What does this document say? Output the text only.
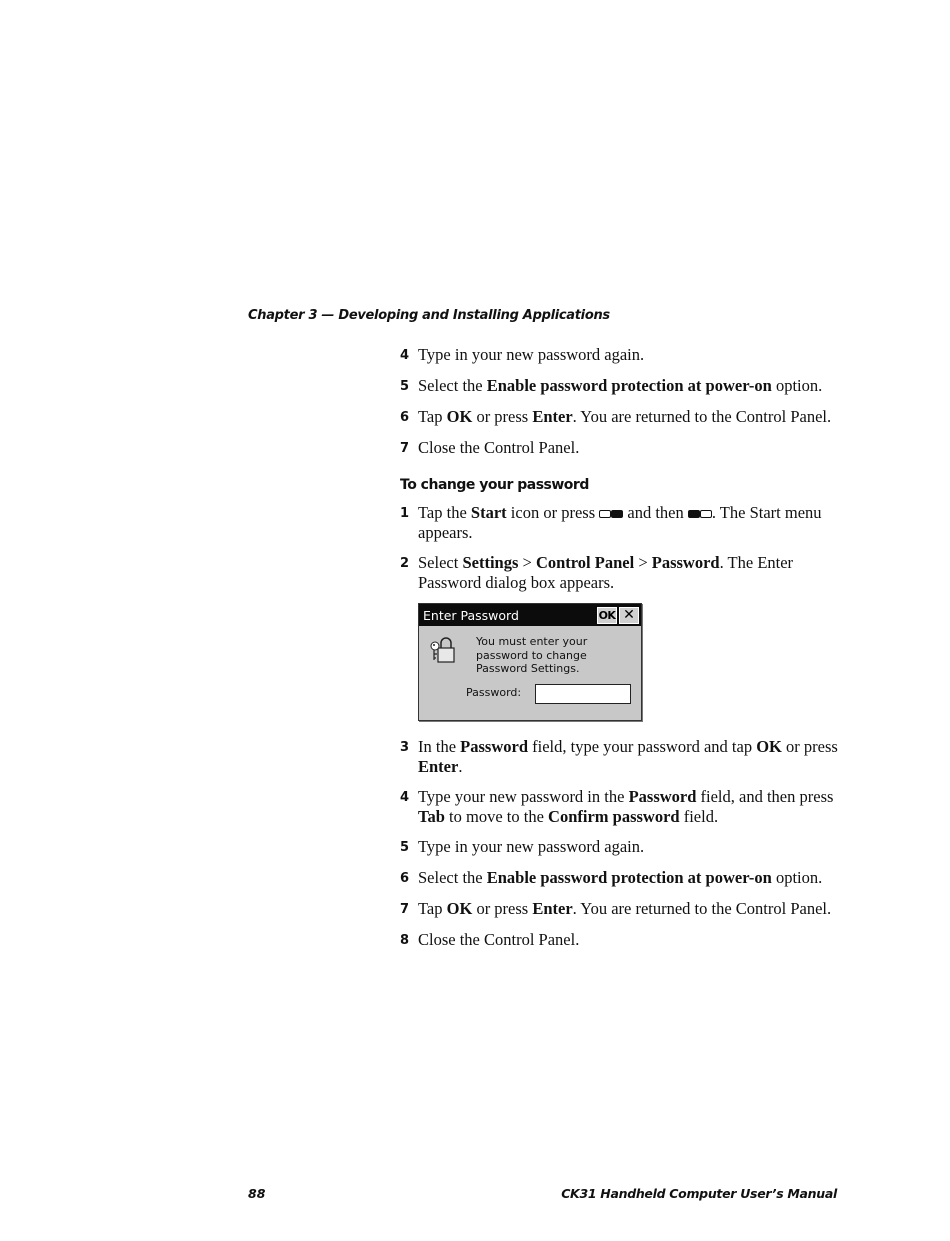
Chapter 3 — Developing and Installing Applications
4 Type in your new password again.
5 Select the Enable password protection at power-on option.
6 Tap OK or press Enter. You are returned to the Control Panel.
7 Close the Control Panel.
To change your password
1 Tap the Start icon or press
and then
. The Start menu appears.
2 Select Settings > Control Panel > Password. The Enter Password dialog box appears.
Enter Password	OK ✕
You must enter your password to change Password Settings.
Password:
3 In the Password field, type your password and tap OK or press Enter.
4 Type your new password in the Password field, and then press Tab to move to the Confirm password field.
5 Type in your new password again.
6 Select the Enable password protection at power-on option.
7 Tap OK or press Enter. You are returned to the Control Panel.
8 Close the Control Panel.
88	CK31 Handheld Computer User’s Manual
